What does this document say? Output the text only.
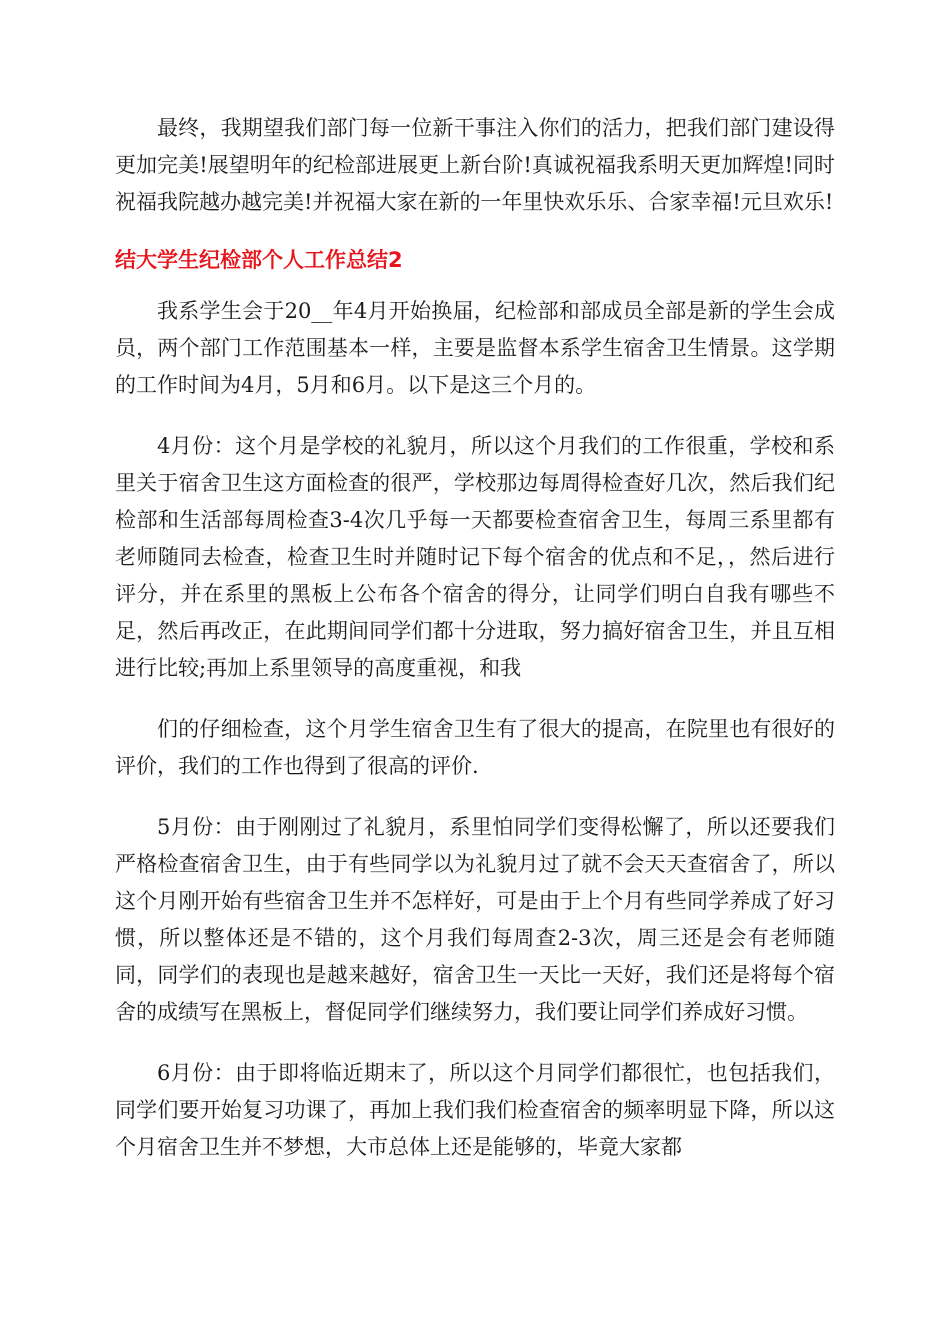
最终，我期望我们部门每一位新干事注入你们的活力，把我们部门建设得更加完美!展望明年的纪检部进展更上新台阶!真诚祝福我系明天更加辉煌!同时祝福我院越办越完美!并祝福大家在新的一年里快欢乐乐、合家幸福!元旦欢乐!

结大学生纪检部个人工作总结2

我系学生会于20__年4月开始换届，纪检部和部成员全部是新的学生会成员，两个部门工作范围基本一样，主要是监督本系学生宿舍卫生情景。这学期的工作时间为4月，5月和6月。以下是这三个月的。

4月份：这个月是学校的礼貌月，所以这个月我们的工作很重，学校和系里关于宿舍卫生这方面检查的很严，学校那边每周得检查好几次，然后我们纪检部和生活部每周检查3-4次几乎每一天都要检查宿舍卫生，每周三系里都有老师随同去检查，检查卫生时并随时记下每个宿舍的优点和不足，，然后进行评分，并在系里的黑板上公布各个宿舍的得分，让同学们明白自我有哪些不足，然后再改正，在此期间同学们都十分进取，努力搞好宿舍卫生，并且互相进行比较;再加上系里领导的高度重视，和我

们的仔细检查，这个月学生宿舍卫生有了很大的提高，在院里也有很好的评价，我们的工作也得到了很高的评价.

5月份：由于刚刚过了礼貌月，系里怕同学们变得松懈了，所以还要我们严格检查宿舍卫生，由于有些同学以为礼貌月过了就不会天天查宿舍了，所以这个月刚开始有些宿舍卫生并不怎样好，可是由于上个月有些同学养成了好习惯，所以整体还是不错的，这个月我们每周查2-3次，周三还是会有老师随同，同学们的表现也是越来越好，宿舍卫生一天比一天好，我们还是将每个宿舍的成绩写在黑板上，督促同学们继续努力，我们要让同学们养成好习惯。

6月份：由于即将临近期末了，所以这个月同学们都很忙，也包括我们，同学们要开始复习功课了，再加上我们我们检查宿舍的频率明显下降，所以这个月宿舍卫生并不梦想，大市总体上还是能够的，毕竟大家都
